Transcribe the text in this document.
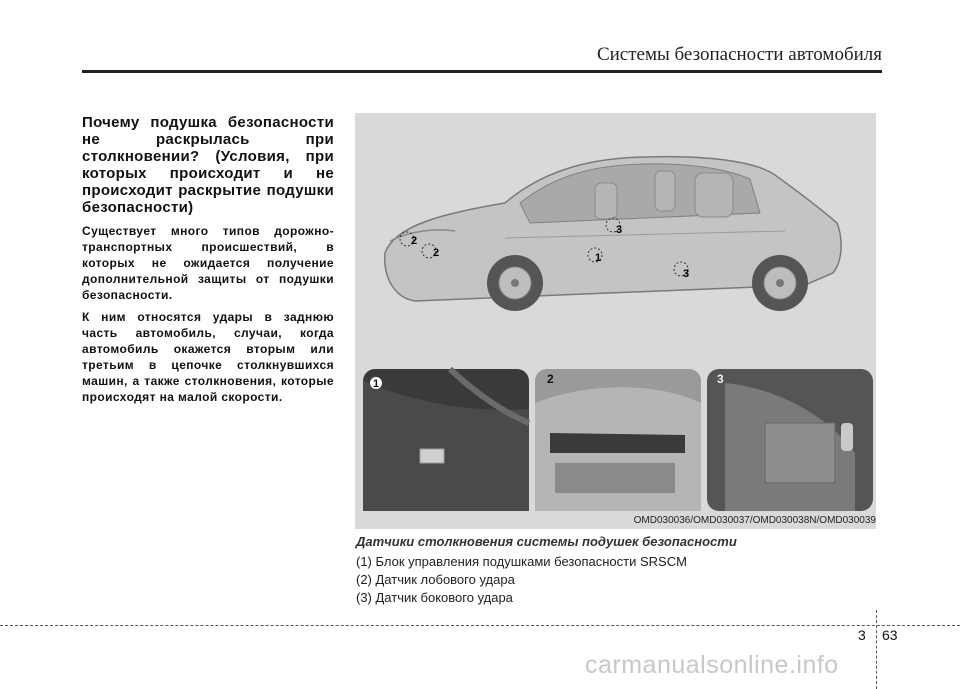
Системы безопасности автомобиля

Почему подушка безопасности не раскрылась при столкновении? (Условия, при которых происходит и не происходит раскрытие подушки безопасности)

Существует много типов дорожно-транспортных происшествий, в которых не ожидается получение дополнительной защиты от подушки безопасности.

К ним относятся удары в заднюю часть автомобиль, случаи, когда автомобиль окажется вторым или третьим в цепочке столкнувшихся машин, а также столкновения, которые происходят на малой скорости.

2
2	1
3
3
1	2	3
OMD030036/OMD030037/OMD030038N/OMD030039
Датчики столкновения системы подушек безопасности
(1) Блок управления подушками безопасности SRSCM
(2) Датчик лобового удара
(3) Датчик бокового удара
3 63
carmanualsonline.info
